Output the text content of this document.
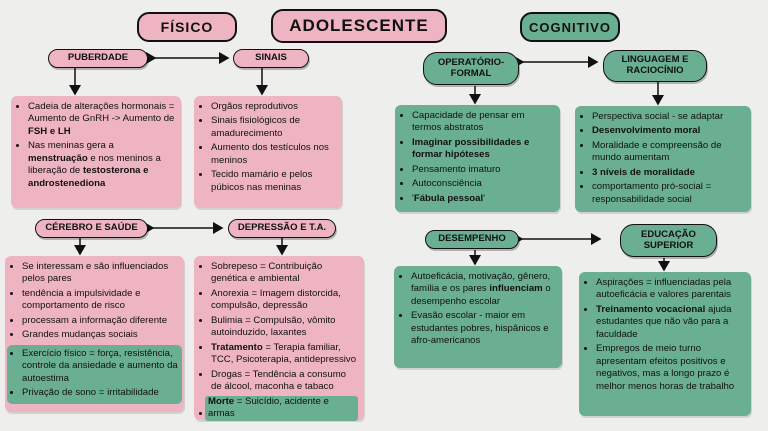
FÍSICO	ADOLESCENTE	COGNITIVO
PUBERDADE	SINAIS
CÉREBRO E SAÚDE	DEPRESSÃO E T.A.
OPERATÓRIO-
FORMAL
LINGUAGEM E
RACIOCÍNIO
DESEMPENHO	EDUCAÇÃO
SUPERIOR
• Cadeia de alterações hormonais = Aumento de GnRH -> Aumento de FSH e LH
• Nas meninas gera a menstruação e nos meninos a liberação de testosterona e androstenediona
• Orgãos reprodutivos
• Sinais fisiológicos de amadurecimento
• Aumento dos testículos nos meninos
• Tecido mamário e pelos púbicos nas meninas
• Se interessam e são influenciados pelos pares
• tendência a impulsividade e comportamento de risco
• processam a informação diferente
• Grandes mudanças sociais
• Exercício físico = força, resistência, controle da ansiedade e aumento da autoestima
• Privação de sono = irritabilidade
• Sobrepeso = Contribuição genética e ambiental
• Anorexia = Imagem distorcida, compulsão, depressão
• Bulimia = Compulsão, vômito autoinduzido, laxantes
• Tratamento = Terapia familiar, TCC, Psicoterapia, antidepressivo
• Drogas = Tendência a consumo de álcool, maconha e tabaco
• Morte = Suicídio, acidente e armas
• Capacidade de pensar em termos abstratos
• Imaginar possibilidades e formar hipóteses
• Pensamento imaturo
• Autoconsciência
• 'Fábula pessoal'
• Perspectiva social - se adaptar
• Desenvolvimento moral
• Moralidade e compreensão de mundo aumentam
• 3 níveis de moralidade
• comportamento pró-social = responsabilidade social
• Autoeficácia, motivação, gênero, família e os pares influenciam o desempenho escolar
• Evasão escolar - maior em estudantes pobres, hispânicos e afro-americanos
• Aspirações = influenciadas pela autoeficácia e valores parentais
• Treinamento vocacional ajuda estudantes que não vão para a faculdade
• Empregos de meio turno apresentam efeitos positivos e negativos, mas a longo prazo é melhor menos horas de trabalho
